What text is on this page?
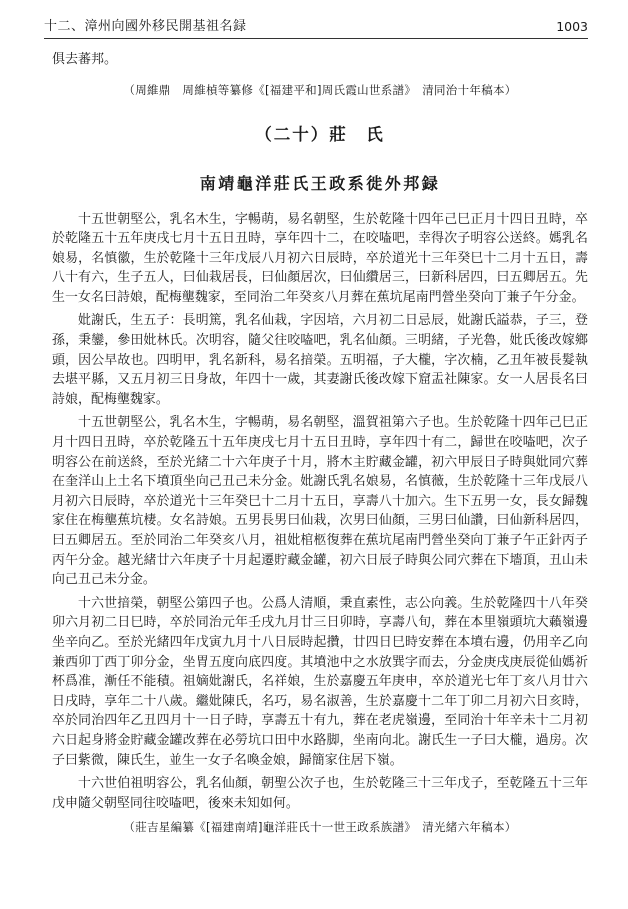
十二、漳州向國外移民開基祖名録	1003

俱去蕃邦。

（周維鼎　周維楨等纂修《[福建平和]周氏霞山世系譜》　清同治十年稿本）

（二十）莊　氏
南靖龜洋莊氏王政系徙外邦録

十五世朝堅公，乳名木生，字暢萌，易名朝堅，生於乾隆十四年己巳正月十四日丑時，卒於乾隆五十五年庚戌七月十五日丑時，享年四十二，在咬㗐吧，幸得次子明容公送終。媽乳名娘易，名慎徽，生於乾隆十三年戊辰八月初六日辰時，卒於道光十三年癸巳十二月十五日，壽八十有六，生子五人，曰仙栽居長，曰仙顏居次，曰仙纘居三，曰新科居四，曰五卿居五。先生一女名曰詩娘，配梅壟魏家，至同治二年癸亥八月葬在蕉坑尾南門營坐癸向丁兼子午分金。

妣謝氏，生五子：長明篤，乳名仙栽，字因培，六月初二日忌辰，妣謝氏謚恭，子三，登孫，秉鑾，參田妣林氏。次明容，隨父往咬㗐吧，乳名仙顏。三明緒，子光魯，妣氏後改嫁鄉頭，因公早故也。四明甲，乳名新科，易名揞榮。五明福，子大櫳，字次楠，乙丑年被長髮執去堪平縣，又五月初三日身故，年四十一歲，其妻謝氏後改嫁下窟盂社陳家。女一人居長名曰詩娘，配梅壟魏家。

十五世朝堅公，乳名木生，字暢萌，易名朝堅，溫賀祖第六子也。生於乾隆十四年己巳正月十四日丑時，卒於乾隆五十五年庚戌七月十五日丑時，享年四十有二，歸世在咬㗐吧，次子明容公在前送終，至於光緒二十六年庚子十月，將木主貯藏金罐，初六甲辰日子時與妣同穴葬在奎洋山上土名下墳頂坐向己丑己未分金。妣謝氏乳名娘易，名慎薇，生於乾隆十三年戊辰八月初六日辰時，卒於道光十三年癸巳十二月十五日，享壽八十加六。生下五男一女，長女歸魏家住在梅壟蕉坑棲。女名詩娘。五男長男曰仙栽，次男曰仙顏，三男曰仙讚，曰仙新科居四，曰五卿居五。至於同治二年癸亥八月，祖妣棺柩復葬在蕉坑尾南門營坐癸向丁兼子午正針丙子丙午分金。越光緒廿六年庚子十月起遷貯藏金罐，初六日辰子時與公同穴葬在下墻頂，丑山未向己丑己未分金。

十六世揞榮，朝堅公第四子也。公爲人清順，秉直素性，志公向義。生於乾隆四十八年癸卯六月初二日巳時，卒於同治元年壬戌九月廿三日卯時，享壽八旬，葬在本里嶺頭坑大藾嶺邊坐辛向乙。至於光緒四年戊寅九月十八日辰時起攢，廿四日巳時安葬在本墳右邊，仍用辛乙向兼西卯丁西丁卯分金，坐胃五度向底四度。其墳池中之水放巽字而去，分金庚戌庚辰從仙媽祈杯爲准，漸任不能積。祖嫡妣謝氏，名祥娘，生於嘉慶五年庚申，卒於道光七年丁亥八月廿六日戌時，享年二十八歲。繼妣陳氏，名巧，易名淑善，生於嘉慶十二年丁卯二月初六日亥時，卒於同治四年乙丑四月十一日子時，享壽五十有九，葬在老虎嶺邊，至同治十年辛未十二月初六日起身將金貯藏金罐改葬在必勞坑口田中水路脚，坐南向北。謝氏生一子曰大櫳，過房。次子曰紫微，陳氏生，並生一女子名喚金娘，歸簡家住居下嶺。

十六世伯祖明容公，乳名仙顏，朝聖公次子也，生於乾隆三十三年戊子，至乾隆五十三年戊申隨父朝堅同往咬㗐吧，後來未知如何。

（莊吉星編纂《[福建南靖]龜洋莊氏十一世王政系族譜》　清光緒六年稿本）
